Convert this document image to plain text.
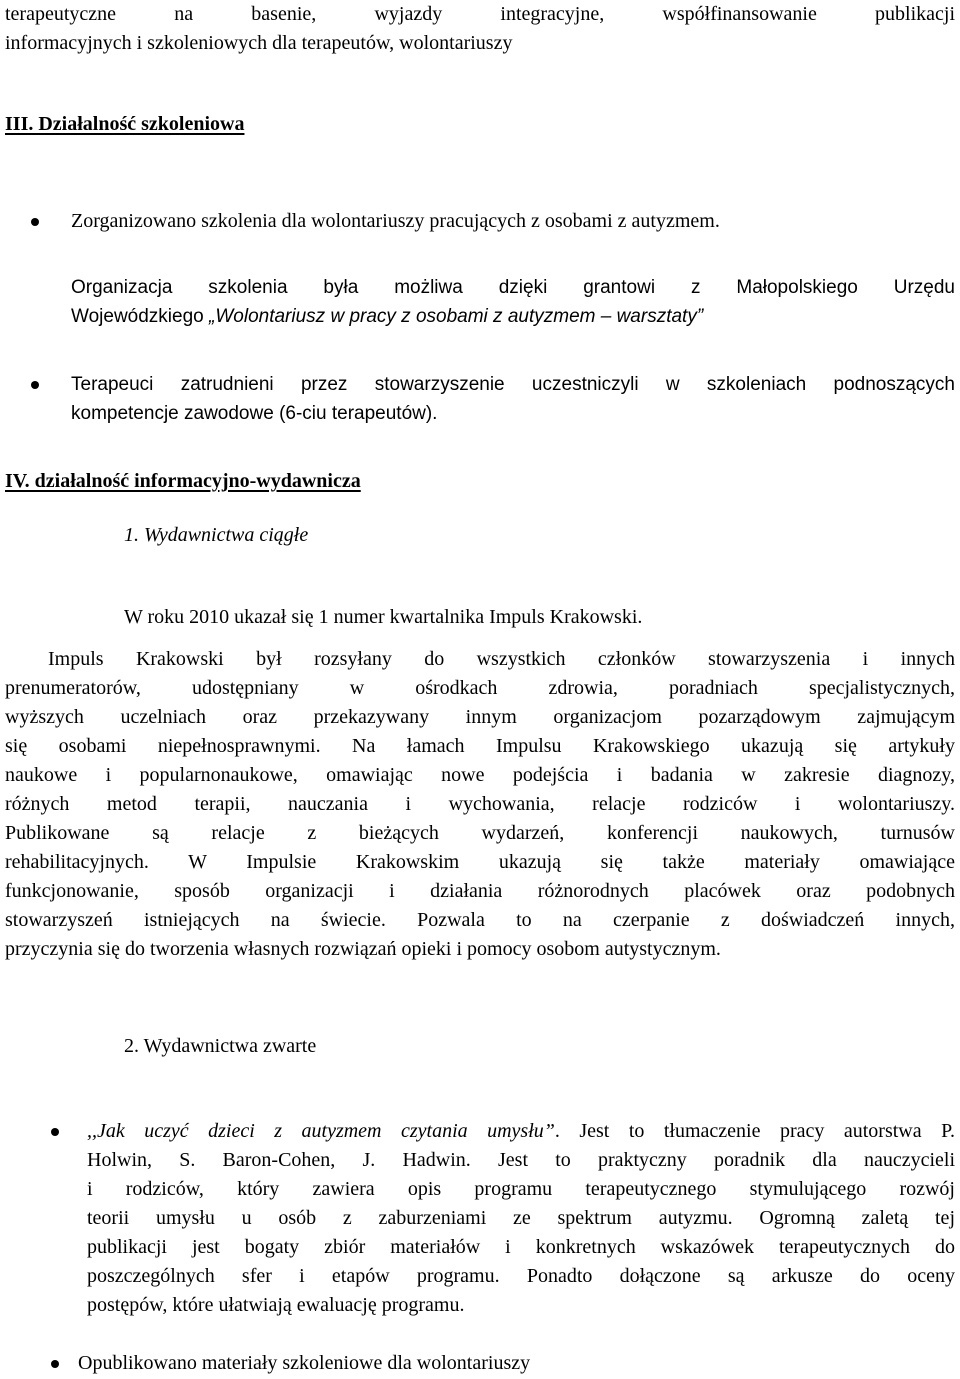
terapeutyczne na basenie, wyjazdy integracyjne, współfinansowanie publikacji
informacyjnych i szkoleniowych dla terapeutów, wolontariuszy
III. Działalność szkoleniowa
Zorganizowano szkolenia dla wolontariuszy pracujących z osobami z autyzmem.
Organizacja szkolenia była możliwa dzięki grantowi z Małopolskiego Urzędu
Wojewódzkiego „Wolontariusz w pracy z osobami z autyzmem – warsztaty”
Terapeuci zatrudnieni przez stowarzyszenie uczestniczyli w szkoleniach podnoszących
kompetencje zawodowe (6-ciu terapeutów).
IV. działalność informacyjno-wydawnicza
1. Wydawnictwa ciągłe
W roku 2010 ukazał się 1 numer kwartalnika Impuls Krakowski.
Impuls Krakowski był rozsyłany do wszystkich członków stowarzyszenia i innych
prenumeratorów, udostępniany w ośrodkach zdrowia, poradniach specjalistycznych,
wyższych uczelniach oraz przekazywany innym organizacjom pozarządowym zajmującym
się osobami niepełnosprawnymi. Na łamach Impulsu Krakowskiego ukazują się artykuły
naukowe i popularnonaukowe, omawiając nowe podejścia i badania w zakresie diagnozy,
różnych metod terapii, nauczania i wychowania, relacje rodziców i wolontariuszy.
Publikowane są relacje z bieżących wydarzeń, konferencji naukowych, turnusów
rehabilitacyjnych. W Impulsie Krakowskim ukazują się także materiały omawiające
funkcjonowanie, sposób organizacji i działania różnorodnych placówek oraz podobnych
stowarzyszeń istniejących na świecie. Pozwala to na czerpanie z doświadczeń innych,
przyczynia się do tworzenia własnych rozwiązań opieki i pomocy osobom autystycznym.
2. Wydawnictwa zwarte
,,Jak uczyć dzieci z autyzmem czytania umysłu”. Jest to tłumaczenie pracy autorstwa P.
Holwin, S. Baron-Cohen, J. Hadwin. Jest to praktyczny poradnik dla nauczycieli
i rodziców, który zawiera opis programu terapeutycznego stymulującego rozwój
teorii umysłu u osób z zaburzeniami ze spektrum autyzmu. Ogromną zaletą tej
publikacji jest bogaty zbiór materiałów i konkretnych wskazówek terapeutycznych do
poszczególnych sfer i etapów programu. Ponadto dołączone są arkusze do oceny
postępów, które ułatwiają ewaluację programu.
Opublikowano materiały szkoleniowe dla wolontariuszy
